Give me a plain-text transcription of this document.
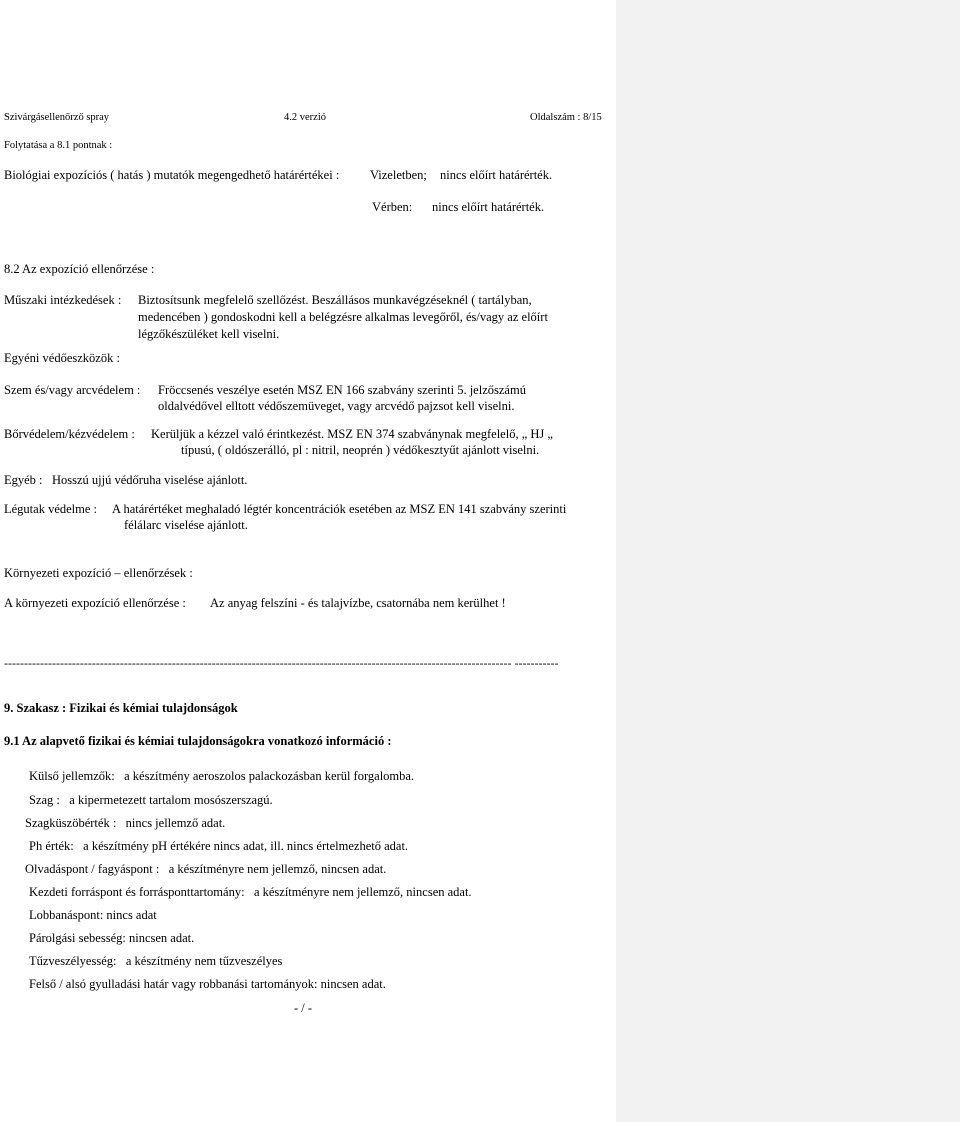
Szivárgásellenőrző spray	4.2 verzió	Oldalszám : 8/15
Folytatása a 8.1 pontnak :
Biológiai expozíciós ( hatás ) mutatók megengedhető határértékei : Vizeletben; nincs előírt határérték.
Vérben: nincs előírt határérték.
8.2 Az expozíció ellenőrzése :
Műszaki intézkedések : Biztosítsunk megfelelő szellőzést. Beszállásos munkavégzéseknél ( tartályban,
medencében ) gondoskodni kell a belégzésre alkalmas levegőről, és/vagy az előírt
légzőkészüléket kell viselni.
Egyéni védőeszközök :
Szem és/vagy arcvédelem : Fröccsenés veszélye esetén MSZ EN 166 szabvány szerinti 5. jelzőszámú
oldalvédővel elltott védőszemüveget, vagy arcvédő pajzsot kell viselni.
Bőrvédelem/kézvédelem : Kerüljük a kézzel való érintkezést. MSZ EN 374 szabványnak megfelelő, „ HJ „
típusú, ( oldószerálló, pl : nitril, neoprén ) védőkesztyűt ajánlott viselni.
Egyéb : Hosszú ujjú védőruha viselése ajánlott.
Légutak védelme : A határértéket meghaladó légtér koncentrációk esetében az MSZ EN 141 szabvány szerinti
félálarc viselése ajánlott.
Környezeti expozíció – ellenőrzések :
A környezeti expozíció ellenőrzése : Az anyag felszíni - és talajvízbe, csatornába nem kerülhet !
------------------------------------------------------------------------------------------------------------------------------- -----------
9. Szakasz : Fizikai és kémiai tulajdonságok
9.1 Az alapvető fizikai és kémiai tulajdonságokra vonatkozó információ :
Külső jellemzők: a készítmény aeroszolos palackozásban kerül forgalomba.
Szag : a kipermetezett tartalom mosószerszagú.
Szagküszöbérték : nincs jellemző adat.
Ph érték: a készítmény pH értékére nincs adat, ill. nincs értelmezhető adat.
Olvadáspont / fagyáspont : a készítményre nem jellemző, nincsen adat.
Kezdeti forráspont és forrásponttartomány: a készítményre nem jellemző, nincsen adat.
Lobbanáspont: nincs adat
Párolgási sebesség: nincsen adat.
Tűzveszélyesség: a készítmény nem tűzveszélyes
Felső / alsó gyulladási határ vagy robbanási tartományok: nincsen adat.
- / -
